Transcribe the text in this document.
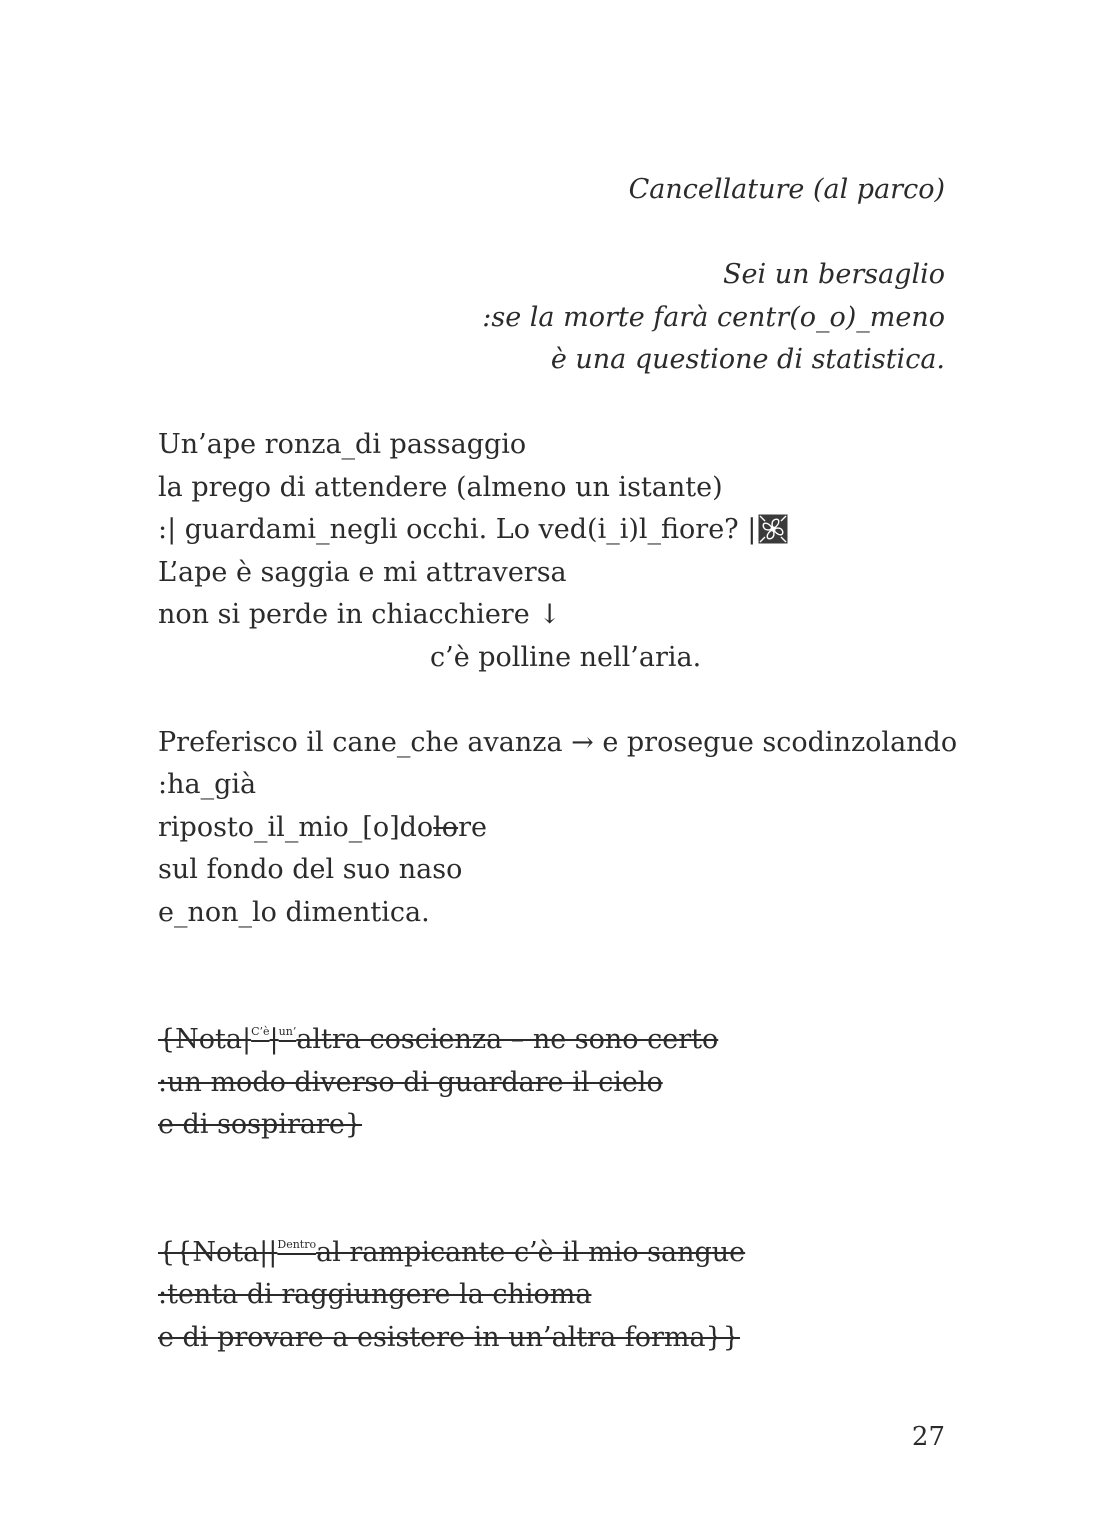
Cancellature (al parco)
Sei un bersaglio
:se la morte farà centr(o_o)_meno
è una questione di statistica.
Un’ape ronza_di passaggio
la prego di attendere (almeno un istante)
:| guardami_negli occhi. Lo ved(i_i)l_fiore? |
L’ape è saggia e mi attraversa
non si perde in chiacchiere ↓
c’è polline nell’aria.
Preferisco il cane_che avanza → e prosegue scodinzolando
:ha_già
riposto_il_mio_[o]dolore
sul fondo del suo naso
e_non_lo dimentica.
{$Nota|^{C’è}|^{un’}altra$ coscienza – ne sono certo
:un modo diverso di guardare il cielo
e di sospirare}
{{$Nota||^{Dentro}al$ rampicante c’è il mio sangue
:tenta di raggiungere la chioma
e di provare a esistere in un’altra forma}}
27
